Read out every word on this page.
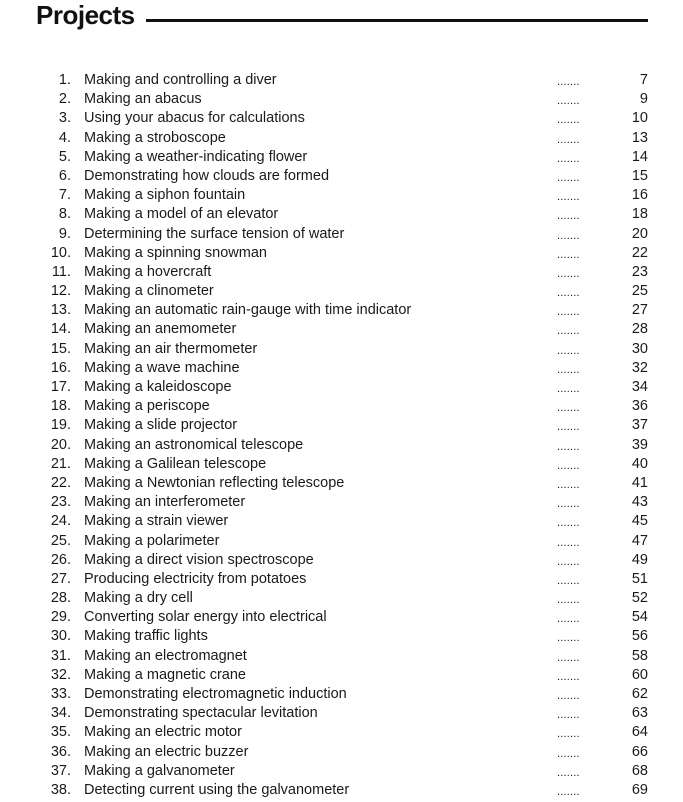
Projects
1. Making and controlling a diver	.......	7
2. Making an abacus	.......	9
3. Using your abacus for calculations	.......	10
4. Making a stroboscope	.......	13
5. Making a weather-indicating flower	.......	14
6. Demonstrating how clouds are formed	.......	15
7. Making a siphon fountain	.......	16
8. Making a model of an elevator	.......	18
9. Determining the surface tension of water	.......	20
10. Making a spinning snowman	.......	22
11. Making a hovercraft	.......	23
12. Making a clinometer	.......	25
13. Making an automatic rain-gauge with time indicator	.......	27
14. Making an anemometer	.......	28
15. Making an air thermometer	.......	30
16. Making a wave machine	.......	32
17. Making a kaleidoscope	.......	34
18. Making a periscope	.......	36
19. Making a slide projector	.......	37
20. Making an astronomical telescope	.......	39
21. Making a Galilean telescope	.......	40
22. Making a Newtonian reflecting telescope	.......	41
23. Making an interferometer	.......	43
24. Making a strain viewer	.......	45
25. Making a polarimeter	.......	47
26. Making a direct vision spectroscope	.......	49
27. Producing electricity from potatoes	.......	51
28. Making a dry cell	.......	52
29. Converting solar energy into electrical	.......	54
30. Making traffic lights	.......	56
31. Making an electromagnet	.......	58
32. Making a magnetic crane	.......	60
33. Demonstrating electromagnetic induction	.......	62
34. Demonstrating spectacular levitation	.......	63
35. Making an electric motor	.......	64
36. Making an electric buzzer	.......	66
37. Making a galvanometer	.......	68
38. Detecting current using the galvanometer	.......	69
